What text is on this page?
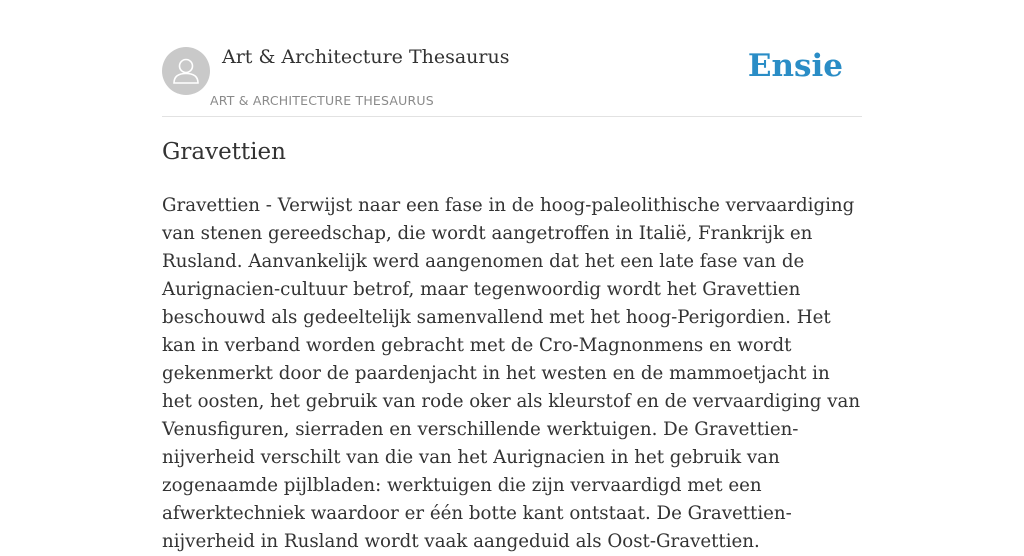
Art & Architecture Thesaurus
ART & ARCHITECTURE THESAURUS
Ensie
Gravettien

Gravettien - Verwijst naar een fase in de hoog-paleolithische vervaardiging van stenen gereedschap, die wordt aangetroffen in Italië, Frankrijk en Rusland. Aanvankelijk werd aangenomen dat het een late fase van de Aurignacien-cultuur betrof, maar tegenwoordig wordt het Gravettien beschouwd als gedeeltelijk samenvallend met het hoog-Perigordien. Het kan in verband worden gebracht met de Cro-Magnonmens en wordt gekenmerkt door de paardenjacht in het westen en de mammoetjacht in het oosten, het gebruik van rode oker als kleurstof en de vervaardiging van Venusfiguren, sierraden en verschillende werktuigen. De Gravettien-nijverheid verschilt van die van het Aurignacien in het gebruik van zogenaamde pijlbladen: werktuigen die zijn vervaardigd met een afwerktechniek waardoor er één botte kant ontstaat. De Gravettien-nijverheid in Rusland wordt vaak aangeduid als Oost-Gravettien.
